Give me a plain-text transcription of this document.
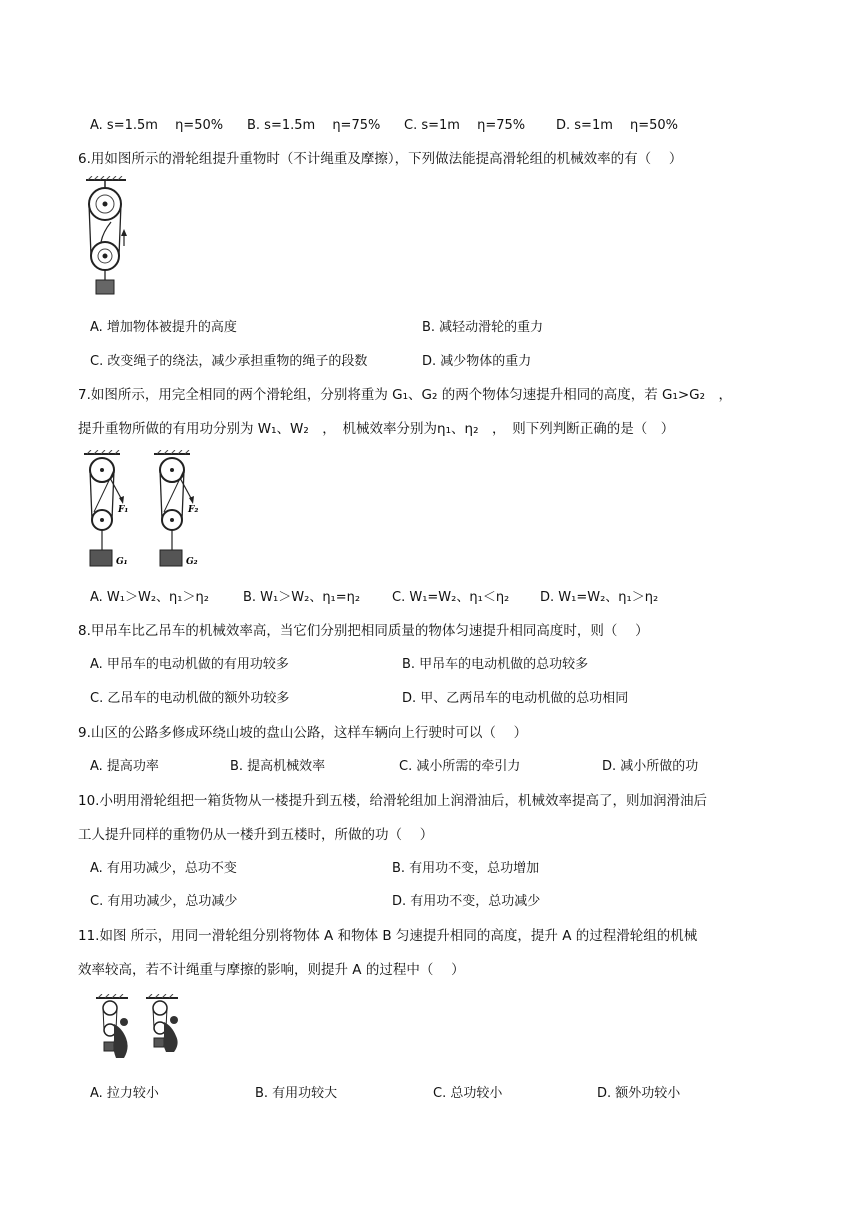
A. s=1.5m　 η=50% B. s=1.5m　 η=75% C. s=1m　 η=75% D. s=1m　 η=50%
6.用如图所示的滑轮组提升重物时（不计绳重及摩擦），下列做法能提高滑轮组的机械效率的有（　 ）
A. 增加物体被提升的高度	B. 减轻动滑轮的重力
C. 改变绳子的绕法，减少承担重物的绳子的段数	D. 减少物体的重力
7.如图所示，用完全相同的两个滑轮组，分别将重为 G₁、G₂ 的两个物体匀速提升相同的高度，若 G₁>G₂　，
提升重物所做的有用功分别为 W₁、W₂　，　机械效率分别为η₁、η₂　，　则下列判断正确的是（　）
F₁	F₂
G₁	G₂
A. W₁＞W₂、η₁＞η₂	B. W₁＞W₂、η₁=η₂ C. W₁=W₂、η₁＜η₂ D. W₁=W₂、η₁＞η₂
8.甲吊车比乙吊车的机械效率高，当它们分别把相同质量的物体匀速提升相同高度时，则（　 ）
A. 甲吊车的电动机做的有用功较多	B. 甲吊车的电动机做的总功较多
C. 乙吊车的电动机做的额外功较多	D. 甲、乙两吊车的电动机做的总功相同
9.山区的公路多修成环绕山坡的盘山公路，这样车辆向上行驶时可以（　 ）
A. 提高功率	B. 提高机械效率	C. 减小所需的牵引力	D. 减小所做的功
10.小明用滑轮组把一箱货物从一楼提升到五楼，给滑轮组加上润滑油后，机械效率提高了，则加润滑油后
工人提升同样的重物仍从一楼升到五楼时，所做的功（　 ）
A. 有用功减少，总功不变	B. 有用功不变，总功增加
C. 有用功减少，总功减少	D. 有用功不变，总功减少
11.如图 所示，用同一滑轮组分别将物体 A 和物体 B 匀速提升相同的高度，提升 A 的过程滑轮组的机械
效率较高，若不计绳重与摩擦的影响，则提升 A 的过程中（　 ）
A. 拉力较小	B. 有用功较大	C. 总功较小	D. 额外功较小
